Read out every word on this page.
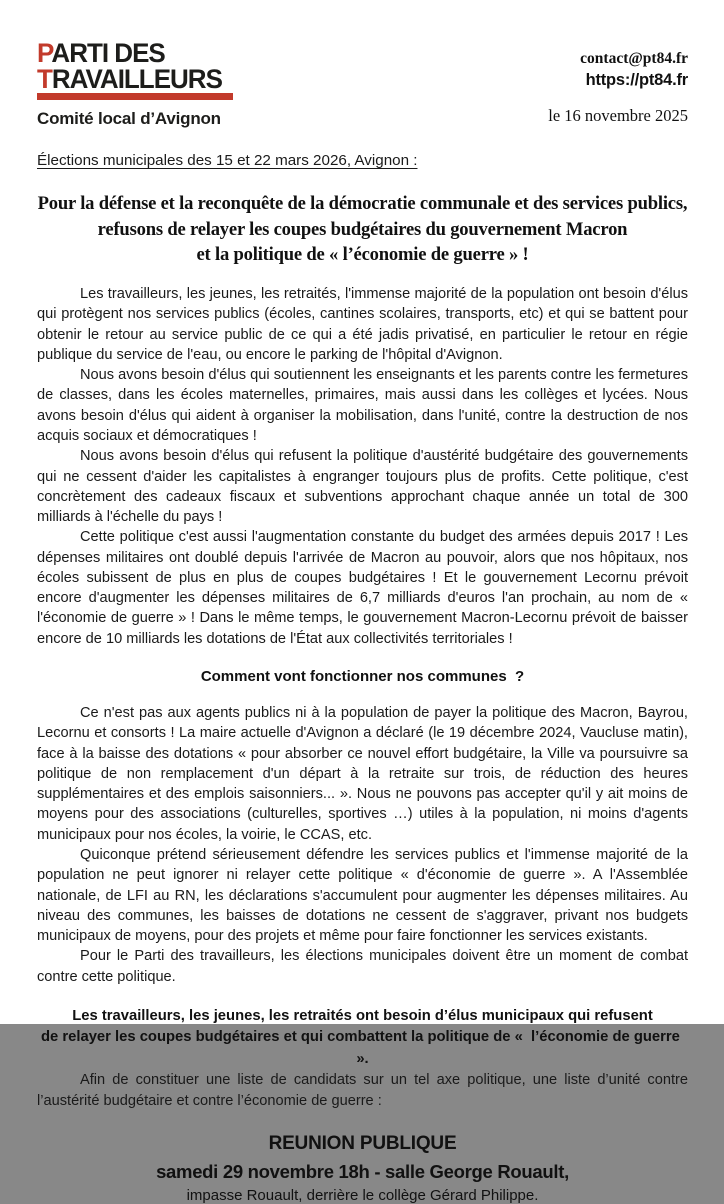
PARTI DES
TRAVAILLEURS
Comité local d’Avignon
contact@pt84.fr
https://pt84.fr
le 16 novembre 2025
Élections municipales des 15 et 22 mars 2026, Avignon :
Pour la défense et la reconquête de la démocratie communale et des services publics,
refusons de relayer les coupes budgétaires du gouvernement Macron
et la politique de « l’économie de guerre » !

Les travailleurs, les jeunes, les retraités, l'immense majorité de la population ont besoin d'élus qui protègent nos services publics (écoles, cantines scolaires, transports, etc) et qui se battent pour obtenir le retour au service public de ce qui a été jadis privatisé, en particulier le retour en régie publique du service de l'eau, ou encore le parking de l'hôpital d'Avignon.

Nous avons besoin d'élus qui soutiennent les enseignants et les parents contre les fermetures de classes, dans les écoles maternelles, primaires, mais aussi dans les collèges et lycées. Nous avons besoin d'élus qui aident à organiser la mobilisation, dans l'unité, contre la destruction de nos acquis sociaux et démocratiques !

Nous avons besoin d'élus qui refusent la politique d'austérité budgétaire des gouvernements qui ne cessent d'aider les capitalistes à engranger toujours plus de profits. Cette politique, c'est concrètement des cadeaux fiscaux et subventions approchant chaque année un total de 300 milliards à l'échelle du pays !

Cette politique c'est aussi l'augmentation constante du budget des armées depuis 2017 ! Les dépenses militaires ont doublé depuis l'arrivée de Macron au pouvoir, alors que nos hôpitaux, nos écoles subissent de plus en plus de coupes budgétaires ! Et le gouvernement Lecornu prévoit encore d'augmenter les dépenses militaires de 6,7 milliards d'euros l'an prochain, au nom de « l'économie de guerre » ! Dans le même temps, le gouvernement Macron-Lecornu prévoit de baisser encore de 10 milliards les dotations de l'État aux collectivités territoriales !

Comment vont fonctionner nos communes  ?

Ce n'est pas aux agents publics ni à la population de payer la politique des Macron, Bayrou, Lecornu et consorts ! La maire actuelle d'Avignon a déclaré (le 19 décembre 2024, Vaucluse matin), face à la baisse des dotations « pour absorber ce nouvel effort budgétaire, la Ville va poursuivre sa politique de non remplacement d'un départ à la retraite sur trois, de réduction des heures supplémentaires et des emplois saisonniers... ». Nous ne pouvons pas accepter qu'il y ait moins de moyens pour des associations (culturelles, sportives …) utiles à la population, ni moins d'agents municipaux pour nos écoles, la voirie, le CCAS, etc.

Quiconque prétend sérieusement défendre les services publics et l'immense majorité de la population ne peut ignorer ni relayer cette politique « d'économie de guerre ». A l'Assemblée nationale, de LFI au RN, les déclarations s'accumulent pour augmenter les dépenses militaires. Au niveau des communes, les baisses de dotations ne cessent de s'aggraver, privant nos budgets municipaux de moyens, pour des projets et même pour faire fonctionner les services existants.

Pour le Parti des travailleurs, les élections municipales doivent être un moment de combat contre cette politique.

Les travailleurs, les jeunes, les retraités ont besoin d’élus municipaux qui refusent
de relayer les coupes budgétaires et qui combattent la politique de «  l’économie de guerre  ».

Afin de constituer une liste de candidats sur un tel axe politique, une liste d’unité contre l’austérité budgétaire et contre l’économie de guerre :

REUNION PUBLIQUE
samedi 29 novembre 18h - salle George Rouault,
impasse Rouault, derrière le collège Gérard Philippe.
